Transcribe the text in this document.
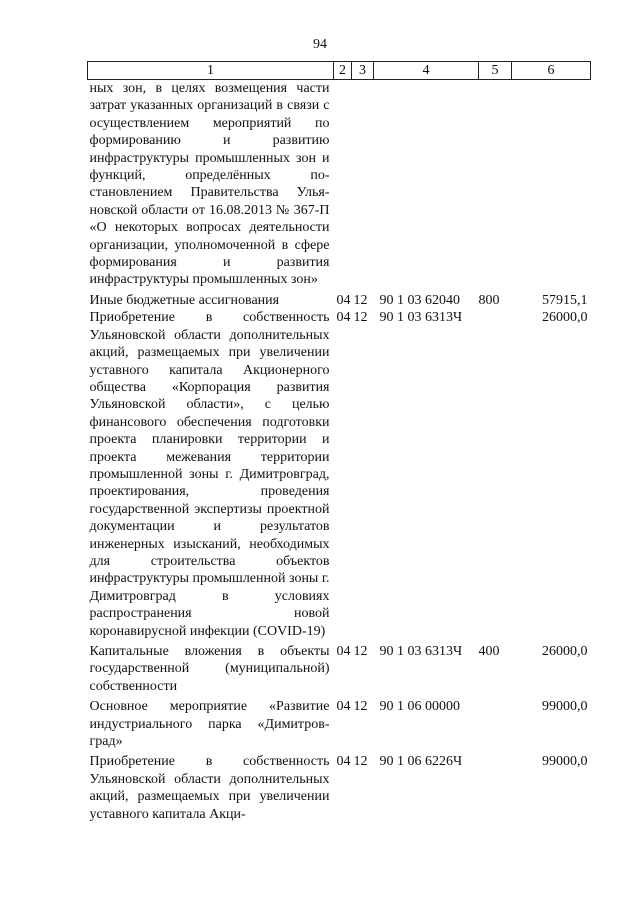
94
1	2	3	4	5	6
ных зон, в целях возмещения части затрат указанных организаций в связи с осуществлением мероприятий по формированию и развитию инфраструктуры промышленных зон и функций, определённых постановлением Правительства Ульяновской области от 16.08.2013 № 367-П «О некоторых вопросах деятельности организации, уполномоченной в сфере формирования и развития инфраструктуры промышленных зон»					
Иные бюджетные ассигнования	04	12	90 1 03 62040	800	57915,1
Приобретение в собственность Ульяновской области дополнительных акций, размещаемых при увеличении уставного капитала Акционерного общества «Корпорация развития Ульяновской области», с целью финансового обеспечения подготовки проекта планировки территории и проекта межевания территории промышленной зоны г. Димитровград, проектирования, проведения государственной экспертизы проектной документации и результатов инженерных изысканий, необходимых для строительства объектов инфраструктуры промышленной зоны г. Димитровград в условиях распространения новой коронавирусной инфекции (COVID-19)	04	12	90 1 03 6313Ч		26000,0
Капитальные вложения в объекты государственной (муниципальной) собственности	04	12	90 1 03 6313Ч	400	26000,0
Основное мероприятие «Развитие индустриального парка «Димитровград»	04	12	90 1 06 00000		99000,0
Приобретение в собственность Ульяновской области дополнительных акций, размещаемых при увеличении уставного капитала Акци-	04	12	90 1 06 6226Ч		99000,0
